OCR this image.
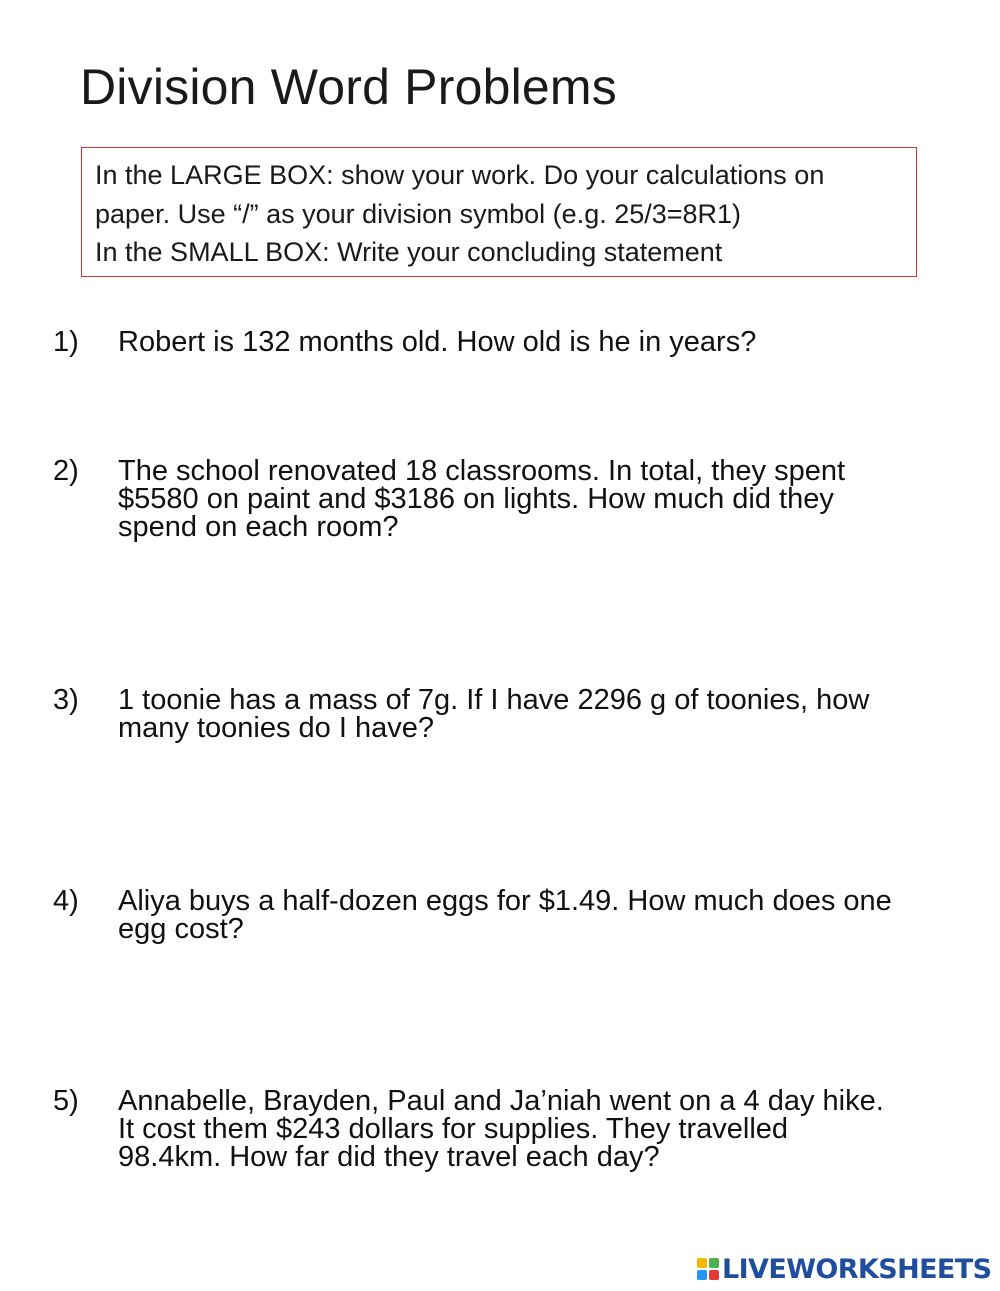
Division Word Problems
In the LARGE BOX: show your work. Do your calculations on
paper. Use “/” as your division symbol (e.g. 25/3=8R1)
In the SMALL BOX: Write your concluding statement
1) Robert is 132 months old. How old is he in years?
2) The school renovated 18 classrooms. In total, they spent
$5580 on paint and $3186 on lights. How much did they
spend on each room?
3) 1 toonie has a mass of 7g. If I have 2296 g of toonies, how
many toonies do I have?
4) Aliya buys a half-dozen eggs for $1.49. How much does one
egg cost?
5) Annabelle, Brayden, Paul and Ja’niah went on a 4 day hike.
It cost them $243 dollars for supplies. They travelled
98.4km. How far did they travel each day?
LIVEWORKSHEETS
